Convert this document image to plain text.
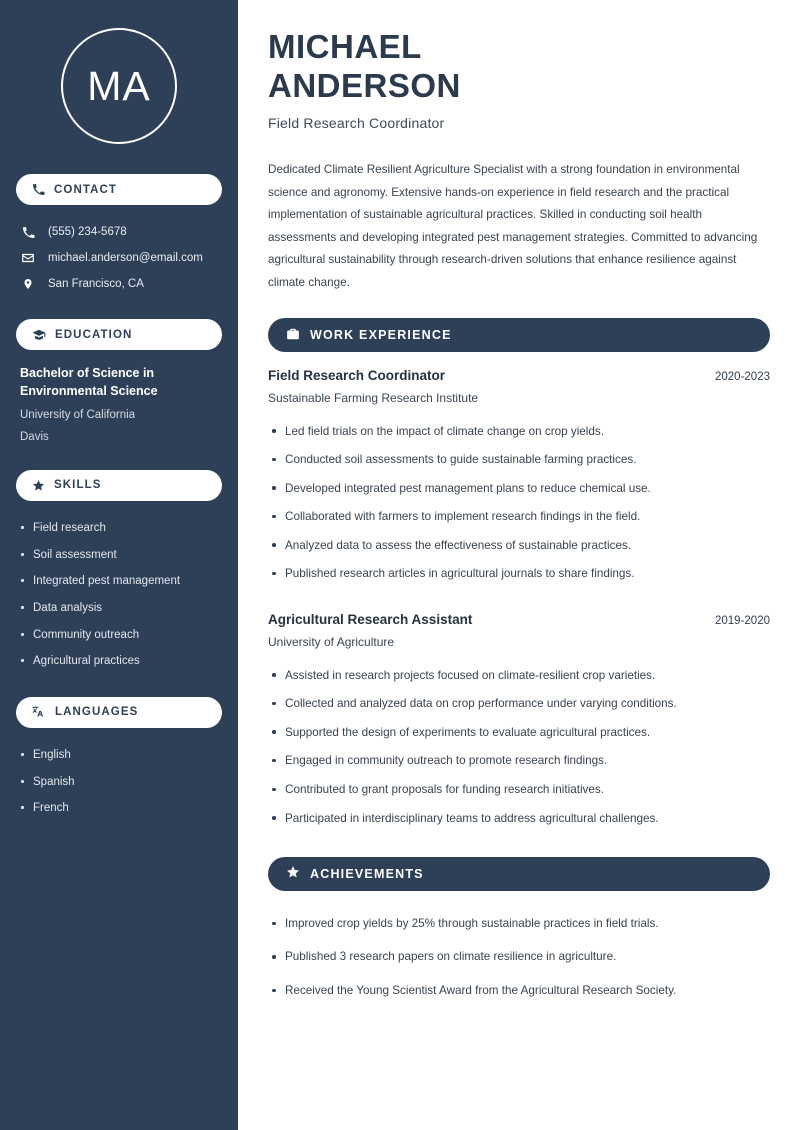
MA
CONTACT
(555) 234-5678
michael.anderson@email.com
San Francisco, CA
EDUCATION
Bachelor of Science in Environmental Science
University of California
Davis
SKILLS
Field research
Soil assessment
Integrated pest management
Data analysis
Community outreach
Agricultural practices
LANGUAGES
English
Spanish
French
MICHAEL
ANDERSON
Field Research Coordinator

Dedicated Climate Resilient Agriculture Specialist with a strong foundation in environmental science and agronomy. Extensive hands-on experience in field research and the practical implementation of sustainable agricultural practices. Skilled in conducting soil health assessments and developing integrated pest management strategies. Committed to advancing agricultural sustainability through research-driven solutions that enhance resilience against climate change.

WORK EXPERIENCE
Field Research Coordinator	2020-2023
Sustainable Farming Research Institute
Led field trials on the impact of climate change on crop yields.
Conducted soil assessments to guide sustainable farming practices.
Developed integrated pest management plans to reduce chemical use.
Collaborated with farmers to implement research findings in the field.
Analyzed data to assess the effectiveness of sustainable practices.
Published research articles in agricultural journals to share findings.
Agricultural Research Assistant	2019-2020
University of Agriculture
Assisted in research projects focused on climate-resilient crop varieties.
Collected and analyzed data on crop performance under varying conditions.
Supported the design of experiments to evaluate agricultural practices.
Engaged in community outreach to promote research findings.
Contributed to grant proposals for funding research initiatives.
Participated in interdisciplinary teams to address agricultural challenges.
ACHIEVEMENTS
Improved crop yields by 25% through sustainable practices in field trials.
Published 3 research papers on climate resilience in agriculture.
Received the Young Scientist Award from the Agricultural Research Society.
